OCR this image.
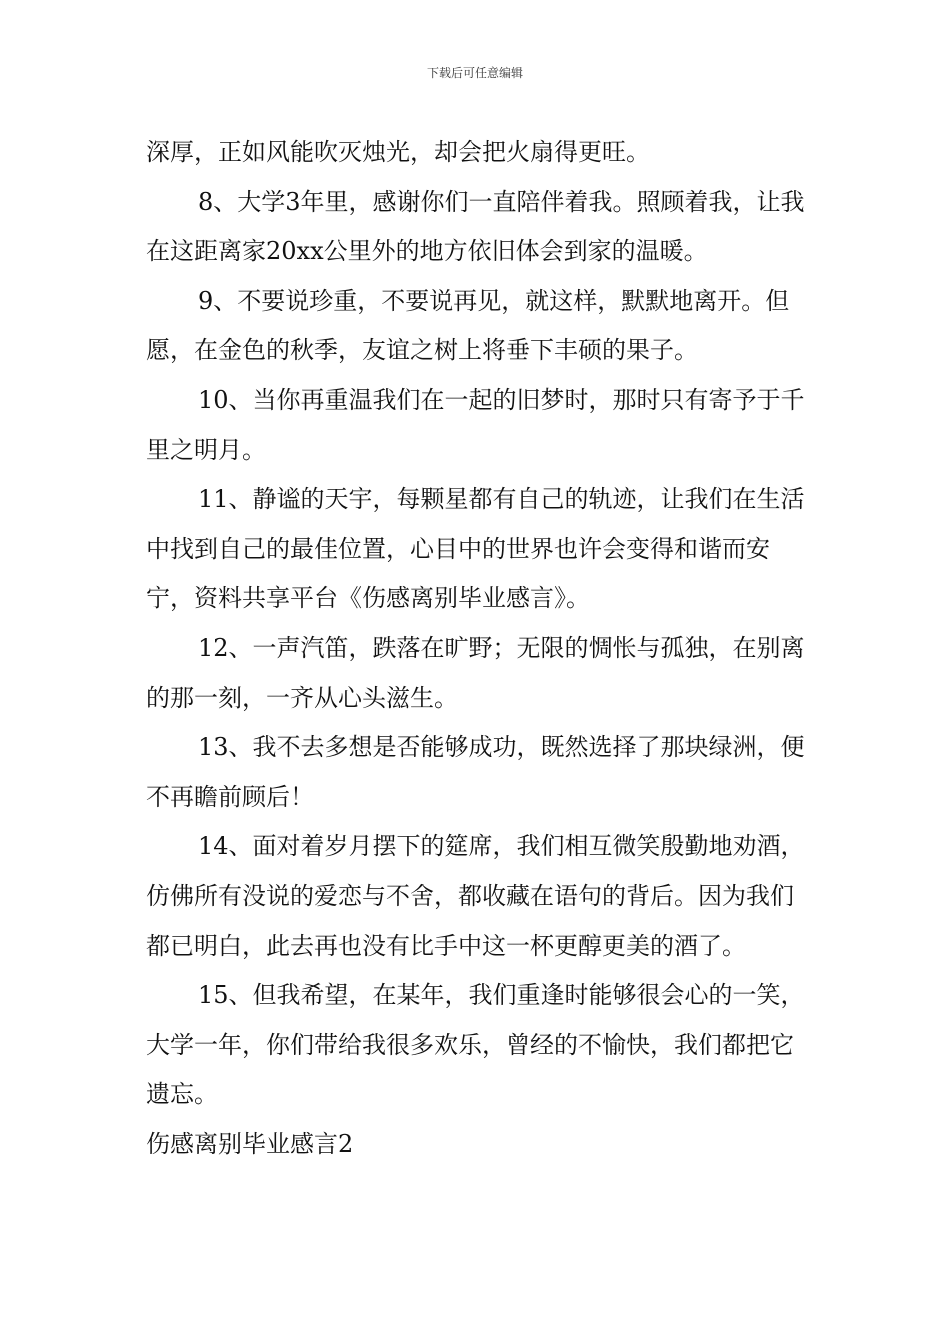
下载后可任意编辑

深厚，正如风能吹灭烛光，却会把火扇得更旺。

8、大学3年里，感谢你们一直陪伴着我。照顾着我，让我在这距离家20xx公里外的地方依旧体会到家的温暖。

9、不要说珍重，不要说再见，就这样，默默地离开。但愿，在金色的秋季，友谊之树上将垂下丰硕的果子。

10、当你再重温我们在一起的旧梦时，那时只有寄予于千里之明月。

11、静谧的天宇，每颗星都有自己的轨迹，让我们在生活中找到自己的最佳位置，心目中的世界也许会变得和谐而安宁，资料共享平台《伤感离别毕业感言》。

12、一声汽笛，跌落在旷野；无限的惆怅与孤独，在别离的那一刻，一齐从心头滋生。

13、我不去多想是否能够成功，既然选择了那块绿洲，便不再瞻前顾后！

14、面对着岁月摆下的筵席，我们相互微笑殷勤地劝酒，仿佛所有没说的爱恋与不舍，都收藏在语句的背后。因为我们都已明白，此去再也没有比手中这一杯更醇更美的酒了。

15、但我希望，在某年，我们重逢时能够很会心的一笑，大学一年，你们带给我很多欢乐，曾经的不愉快，我们都把它遗忘。

伤感离别毕业感言2
